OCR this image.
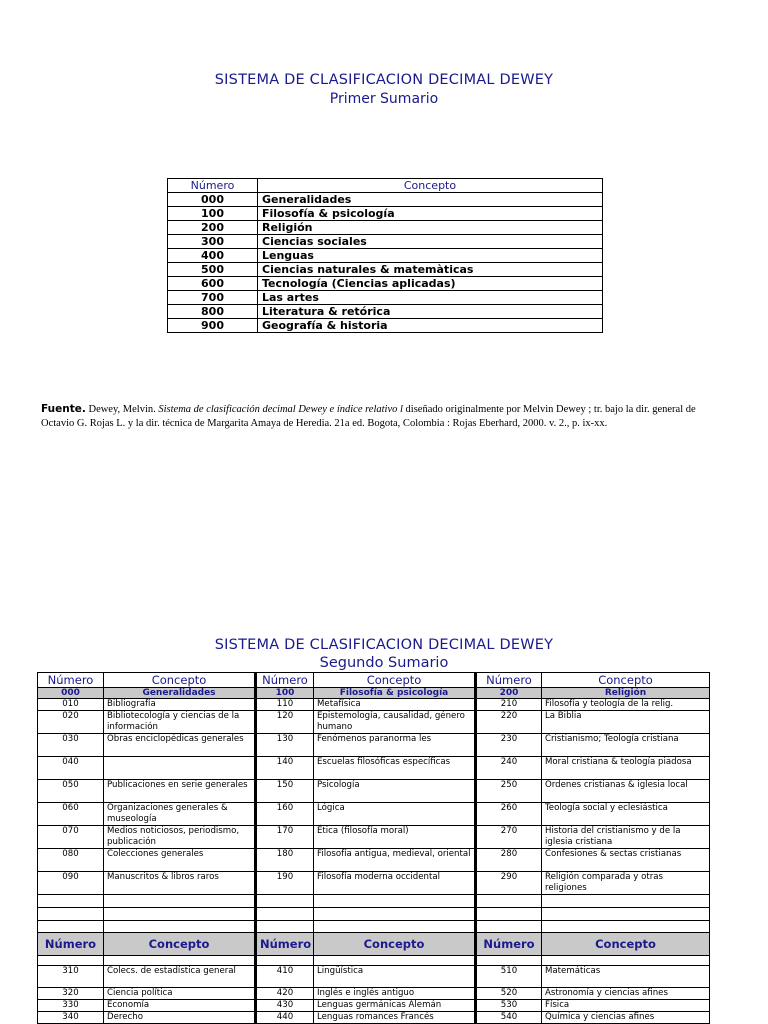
SISTEMA DE CLASIFICACION DECIMAL DEWEY
Primer Sumario
Número	Concepto
000	Generalidades
100	Filosofía & psicología
200	Religión
300	Ciencias sociales
400	Lenguas
500	Ciencias naturales & matemàticas
600	Tecnología (Ciencias aplicadas)
700	Las artes
800	Literatura & retórica
900	Geografía & historia

Fuente. Dewey, Melvin. Sistema de clasificación decimal Dewey e índice relativo l diseñado originalmente por Melvin Dewey ; tr. bajo la dir. general de Octavio G. Rojas L. y la dir. técnica de Margarita Amaya de Heredia. 21a ed. Bogota, Colombia : Rojas Eberhard, 2000. v. 2., p. ix-xx.

SISTEMA DE CLASIFICACION DECIMAL DEWEY
Segundo Sumario
Número	Concepto	Número	Concepto	Número	Concepto
000	Generalidades	100	Filosofía & psicología	200	Religión
010	Bibliografía	110	Metafísica	210	Filosofía y teología de la relig.
020	Bibliotecología y ciencias de la información	120	Epistemología, causalidad, género humano	220	La Biblia
030	Obras enciclopédicas generales	130	Fenómenos paranorma les	230	Cristianismo; Teología cristiana
040		140	Escuelas filosóficas específicas	240	Moral cristiana & teología piadosa
050	Publicaciones en serie generales	150	Psicología	250	Ordenes cristianas & iglesia local
060	Organizaciones generales & museología	160	Lógica	260	Teología social y eclesiástica
070	Medios noticiosos, periodismo, publicación	170	Ética (filosofía moral)	270	Historia del cristianismo y de la iglesia cristiana
080	Colecciones generales	180	Filosofía antigua, medieval, oriental	280	Confesiones & sectas cristianas
090	Manuscritos & libros raros	190	Filosofía moderna occidental	290	Religión comparada y otras religiones

Número	Concepto	Número	Concepto	Número	Concepto

310	Colecs. de estadística general	410	Lingüística	510	Matemáticas
320	Ciencia política	420	Inglés e inglés antiguo	520	Astronomía y ciencias afines
330	Economía	430	Lenguas germánicas Alemán	530	Física
340	Derecho	440	Lenguas romances Francés	540	Química y ciencias afines
